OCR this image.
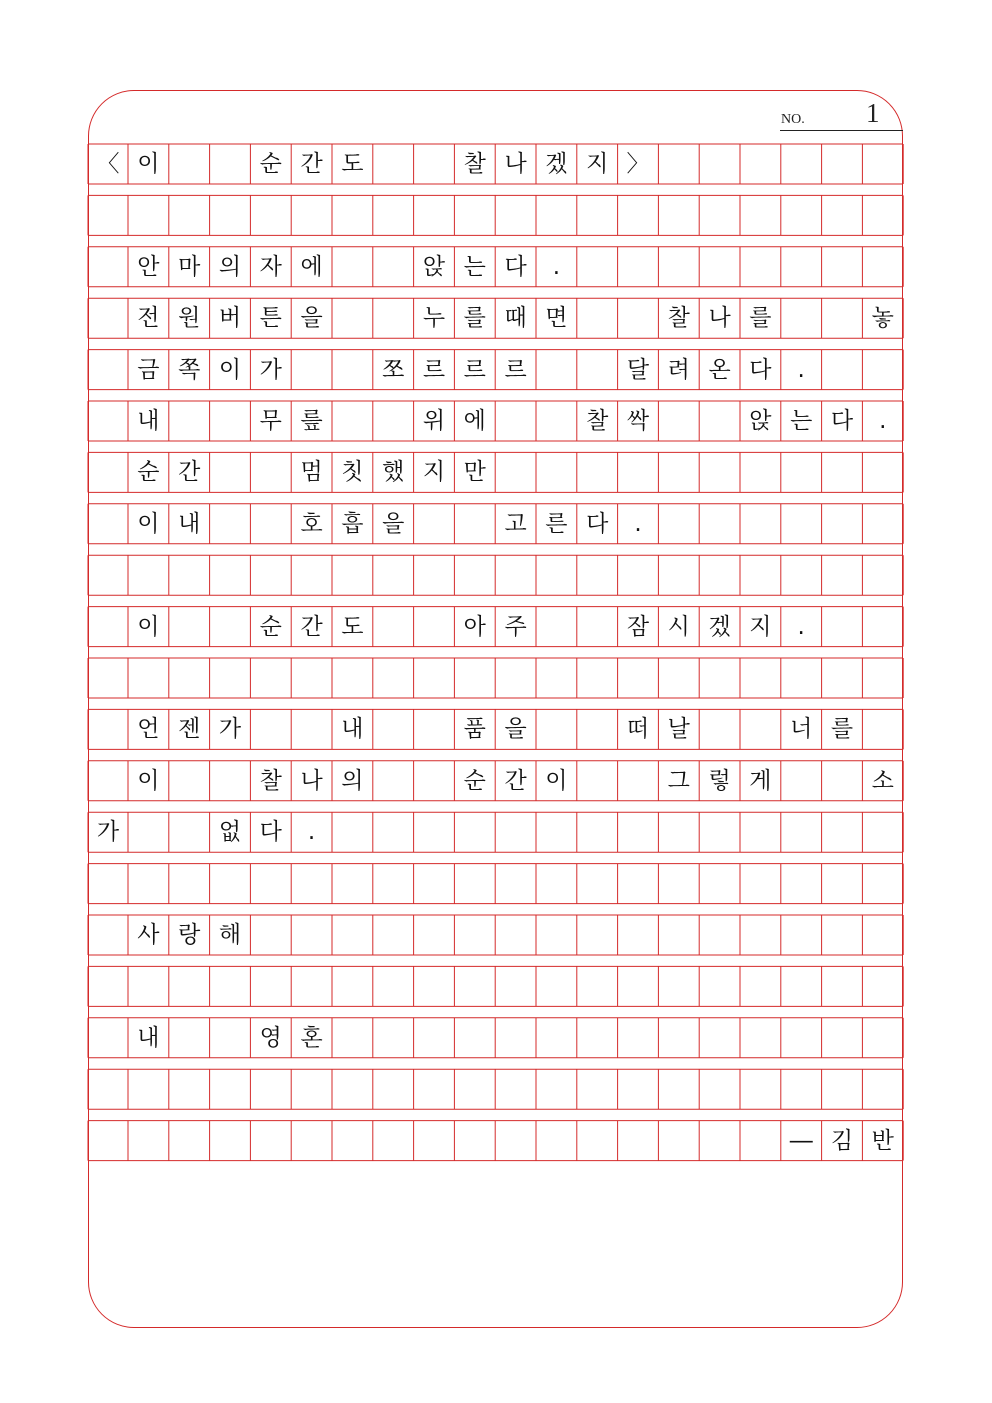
NO. 1
〈 이	순 간 도	찰 나 겠 지 〉
안 마 의 자 에	앉 는 다	.
전 원 버 튼 을	누 를 때 면	찰 나 를	놓
금 쪽 이 가	쪼 르 르 르	달 려 온 다	.
내	무 릎	위 에	찰 싹	앉 는 다	.
순 간	멈 칫 했 지 만
이 내	호 흡 을	고 른 다	.
이	순 간 도	아 주	잠 시 겠 지	.
언 젠 가	내	품 을	떠 날	너 를
이	찰 나 의	순 간 이	그 렇 게	소
가	없 다	.
사 랑 해
내	영 혼
― 김 반
